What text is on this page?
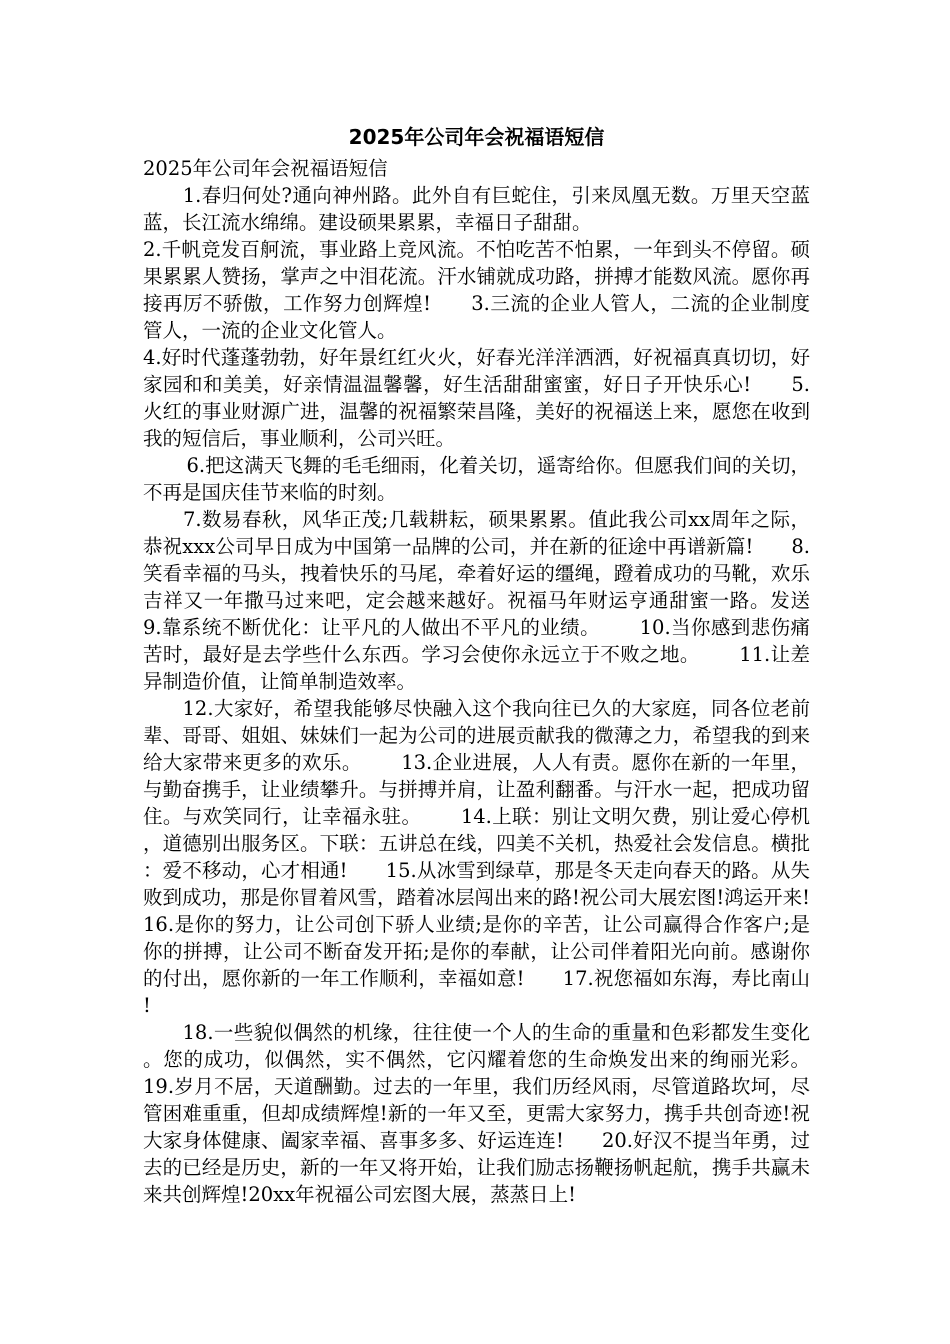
2025年公司年会祝福语短信

2025年公司年会祝福语短信

1.春归何处?通向神州路。此外自有巨蛇住，引来凤凰无数。万里天空蓝蓝，长江流水绵绵。建设硕果累累，幸福日子甜甜。

2.千帆竞发百舸流，事业路上竞风流。不怕吃苦不怕累，一年到头不停留。硕果累累人赞扬，掌声之中泪花流。汗水铺就成功路，拼搏才能数风流。愿你再接再厉不骄傲，工作努力创辉煌!      3.三流的企业人管人，二流的企业制度管人，一流的企业文化管人。

4.好时代蓬蓬勃勃，好年景红红火火，好春光洋洋洒洒，好祝福真真切切，好家园和和美美，好亲情温温馨馨，好生活甜甜蜜蜜，好日子开快乐心!      5.火红的事业财源广进，温馨的祝福繁荣昌隆，美好的祝福送上来，愿您在收到我的短信后，事业顺利，公司兴旺。

6.把这满天飞舞的毛毛细雨，化着关切，遥寄给你。但愿我们间的关切，不再是国庆佳节来临的时刻。

7.数易春秋，风华正茂;几载耕耘，硕果累累。值此我公司xx周年之际，恭祝xxx公司早日成为中国第一品牌的公司，并在新的征途中再谱新篇!      8.笑看幸福的马头，拽着快乐的马尾，牵着好运的缰绳，蹬着成功的马靴，欢乐吉祥又一年撒马过来吧，定会越来越好。祝福马年财运亨通甜蜜一路。发送      9.靠系统不断优化：让平凡的人做出不平凡的业绩。      10.当你感到悲伤痛苦时，最好是去学些什么东西。学习会使你永远立于不败之地。      11.让差异制造价值，让简单制造效率。

12.大家好，希望我能够尽快融入这个我向往已久的大家庭，同各位老前辈、哥哥、姐姐、妹妹们一起为公司的进展贡献我的微薄之力，希望我的到来给大家带来更多的欢乐。      13.企业进展，人人有责。愿你在新的一年里，与勤奋携手，让业绩攀升。与拼搏并肩，让盈利翻番。与汗水一起，把成功留住。与欢笑同行，让幸福永驻。      14.上联：别让文明欠费，别让爱心停机，道德别出服务区。下联：五讲总在线，四美不关机，热爱社会发信息。横批：爱不移动，心才相通!      15.从冰雪到绿草，那是冬天走向春天的路。从失败到成功，那是你冒着风雪，踏着冰层闯出来的路!祝公司大展宏图!鸿运开来!      16.是你的努力，让公司创下骄人业绩;是你的辛苦，让公司赢得合作客户;是你的拼搏，让公司不断奋发开拓;是你的奉献，让公司伴着阳光向前。感谢你的付出，愿你新的一年工作顺利，幸福如意!      17.祝您福如东海，寿比南山!

18.一些貌似偶然的机缘，往往使一个人的生命的重量和色彩都发生变化。您的成功，似偶然，实不偶然，它闪耀着您的生命焕发出来的绚丽光彩。      19.岁月不居，天道酬勤。过去的一年里，我们历经风雨，尽管道路坎坷，尽管困难重重，但却成绩辉煌!新的一年又至，更需大家努力，携手共创奇迹!祝大家身体健康、阖家幸福、喜事多多、好运连连!      20.好汉不提当年勇，过去的已经是历史，新的一年又将开始，让我们励志扬鞭扬帆起航，携手共赢未来共创辉煌!20xx年祝福公司宏图大展，蒸蒸日上!
